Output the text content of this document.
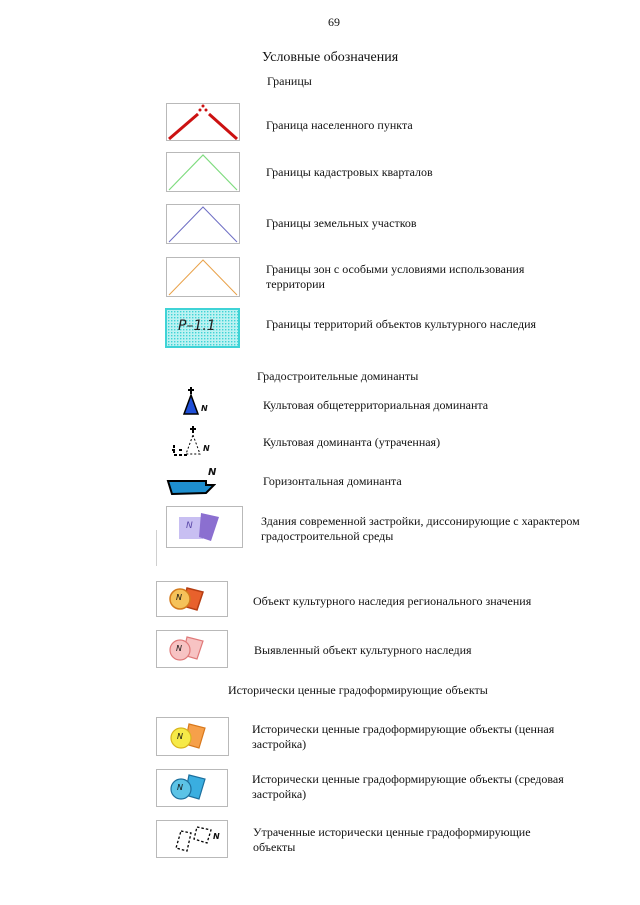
69
Условные обозначения
Границы
Граница населенного пункта
Границы кадастровых кварталов
Границы земельных участков
Границы зон с особыми условиями использования территории
Р–1.1	Границы территорий объектов культурного наследия
Градостроительные доминанты
N	Культовая общетерриториальная доминанта
N	Культовая доминанта (утраченная)
N
Горизонтальная доминанта
N	Здания современной застройки, диссонирующие с характером градостроительной среды
N	Объект культурного наследия регионального значения
N	Выявленный объект культурного наследия
Исторически ценные градоформирующие объекты
N
Исторически ценные градоформирующие объекты (ценная застройка)
N
Исторически ценные градоформирующие объекты (средовая застройка)
N	Утраченные исторически ценные градоформирующие объекты
